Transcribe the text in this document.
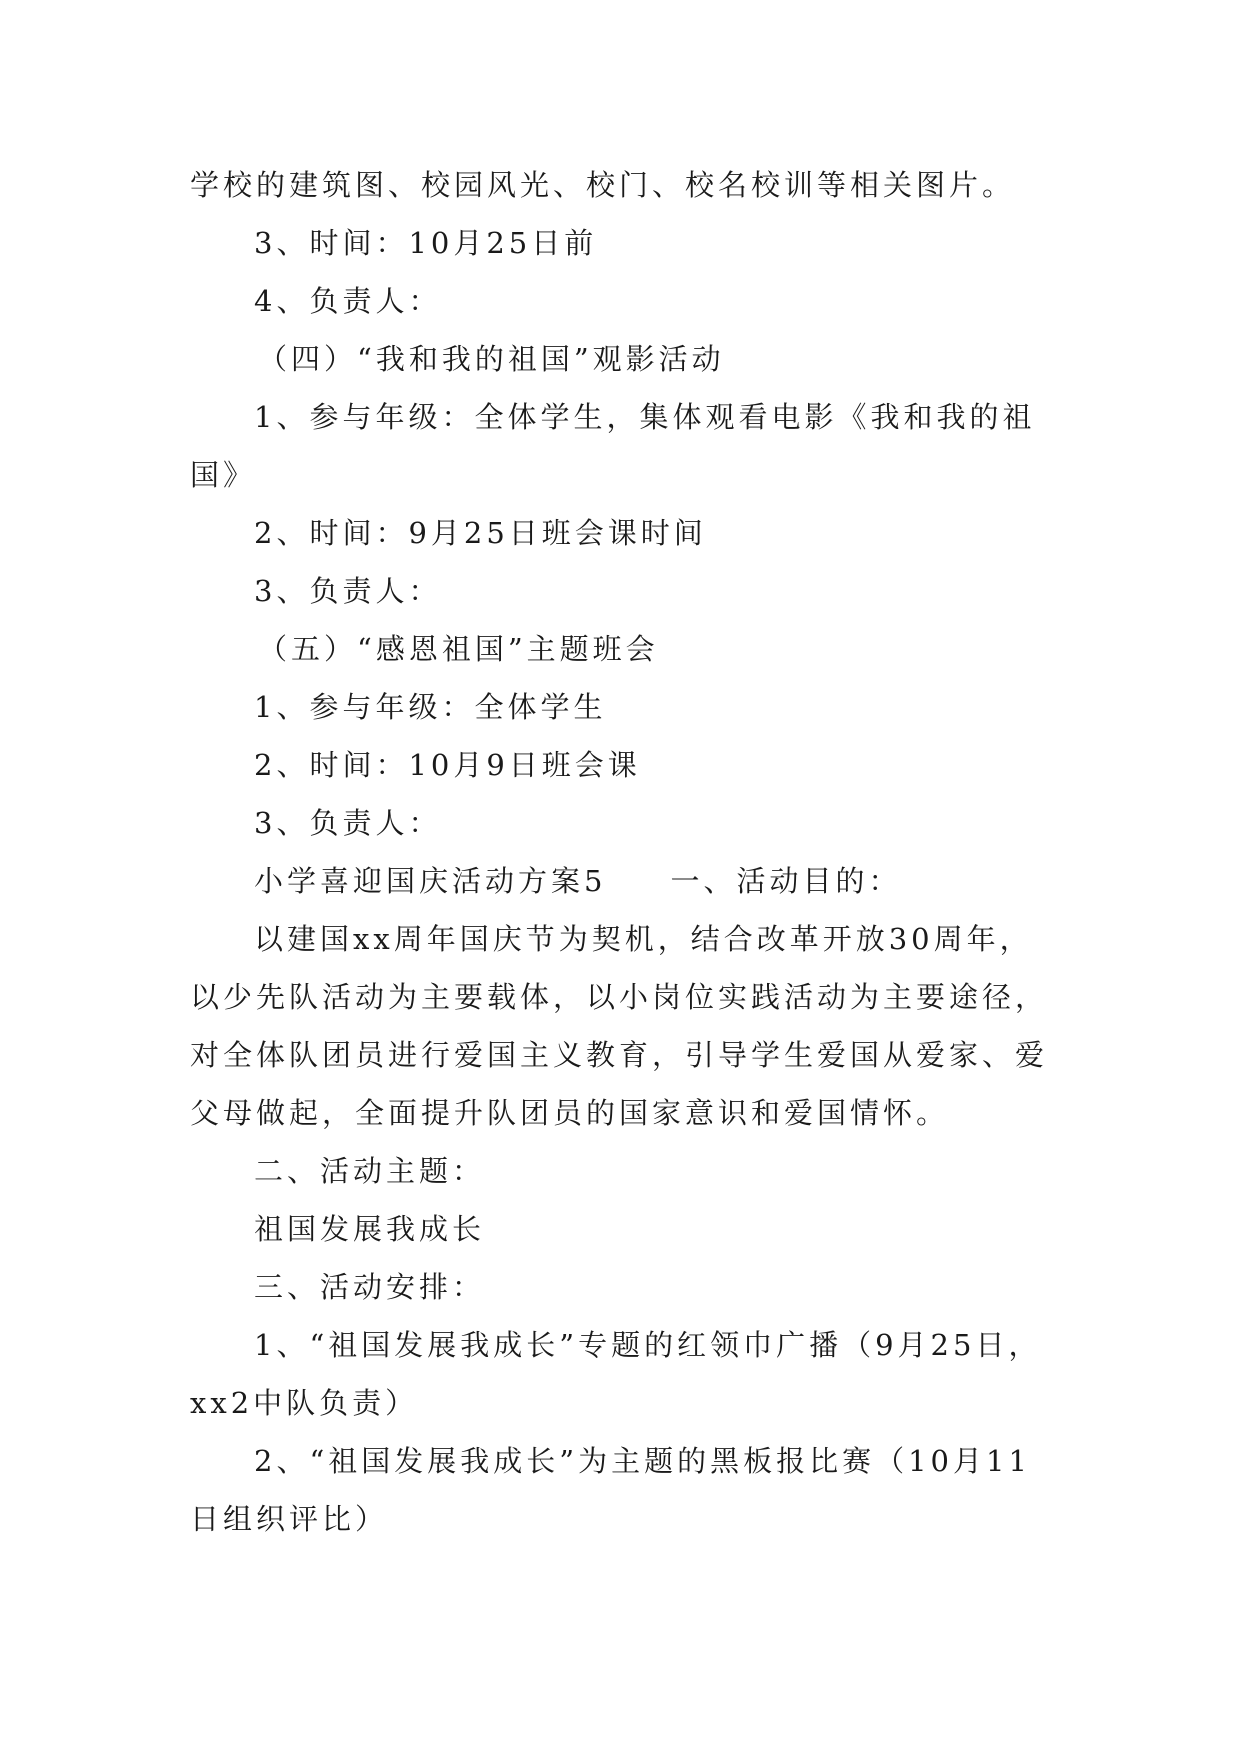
学校的建筑图、校园风光、校门、校名校训等相关图片。
3、时间：10月25日前
4、负责人：
（四）“我和我的祖国”观影活动
1、参与年级：全体学生，集体观看电影《我和我的祖
国》
2、时间：9月25日班会课时间
3、负责人：
（五）“感恩祖国”主题班会
1、参与年级：全体学生
2、时间：10月9日班会课
3、负责人：
小学喜迎国庆活动方案5 一、活动目的：
以建国xx周年国庆节为契机，结合改革开放30周年，
以少先队活动为主要载体，以小岗位实践活动为主要途径，
对全体队团员进行爱国主义教育，引导学生爱国从爱家、爱
父母做起，全面提升队团员的国家意识和爱国情怀。
二、活动主题：
祖国发展我成长
三、活动安排：
1、“祖国发展我成长”专题的红领巾广播（9月25日，
xx2中队负责）
2、“祖国发展我成长”为主题的黑板报比赛（10月11
日组织评比）
